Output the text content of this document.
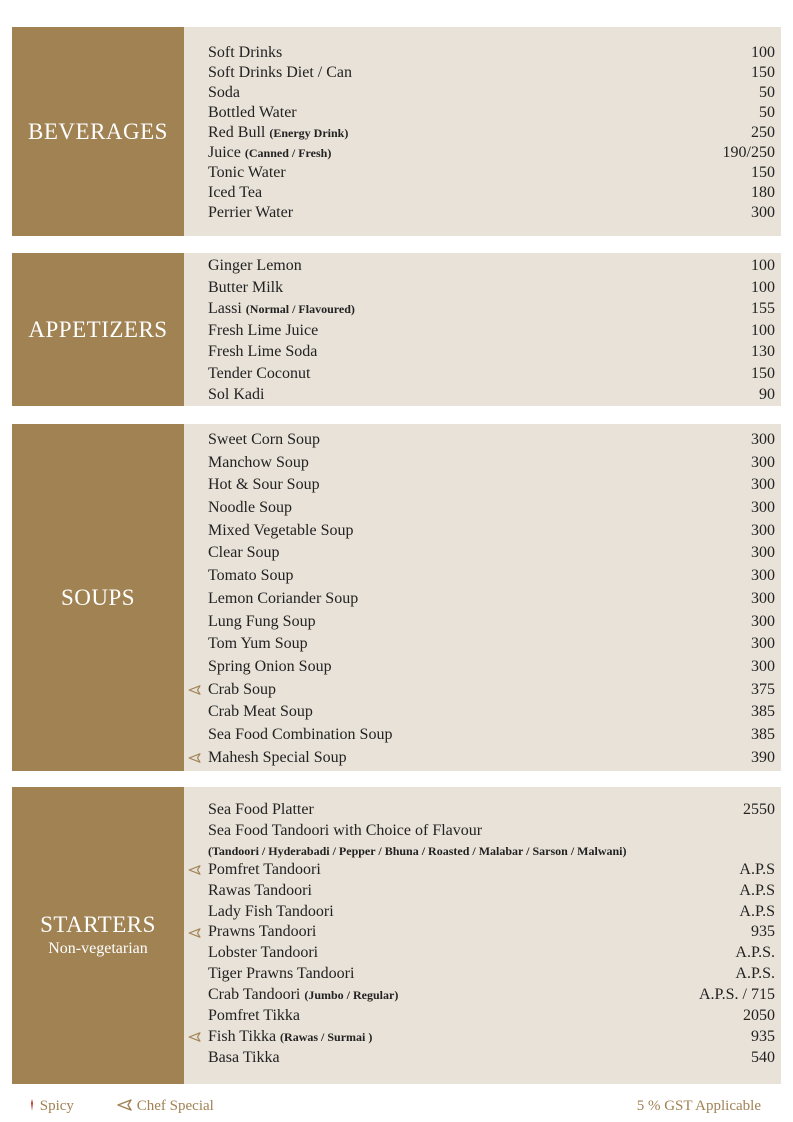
BEVERAGES
Soft Drinks	100
Soft Drinks Diet / Can	150
Soda	50
Bottled Water	50
Red Bull (Energy Drink)	250
Juice (Canned / Fresh)	190/250
Tonic Water	150
Iced Tea	180
Perrier Water	300
APPETIZERS
Ginger Lemon	100
Butter Milk	100
Lassi (Normal / Flavoured)	155
Fresh Lime Juice	100
Fresh Lime Soda	130
Tender Coconut	150
Sol Kadi	90
SOUPS
Sweet Corn Soup	300
Manchow Soup	300
Hot & Sour Soup	300
Noodle Soup	300
Mixed Vegetable Soup	300
Clear Soup	300
Tomato Soup	300
Lemon Coriander Soup	300
Lung Fung Soup	300
Tom Yum Soup	300
Spring Onion Soup	300
Crab Soup	375
Crab Meat Soup	385
Sea Food Combination Soup	385
Mahesh Special Soup	390
STARTERS
Non-vegetarian
Sea Food Platter	2550
Sea Food Tandoori with Choice of Flavour
(Tandoori / Hyderabadi / Pepper / Bhuna / Roasted / Malabar / Sarson / Malwani)
Pomfret Tandoori	A.P.S
Rawas Tandoori	A.P.S
Lady Fish Tandoori	A.P.S
Prawns Tandoori	935
Lobster Tandoori	A.P.S.
Tiger Prawns Tandoori	A.P.S.
Crab Tandoori (Jumbo / Regular)	A.P.S. / 715
Pomfret Tikka	2050
Fish Tikka (Rawas / Surmai )	935
Basa Tikka	540
Spicy	Chef Special	5 % GST Applicable
